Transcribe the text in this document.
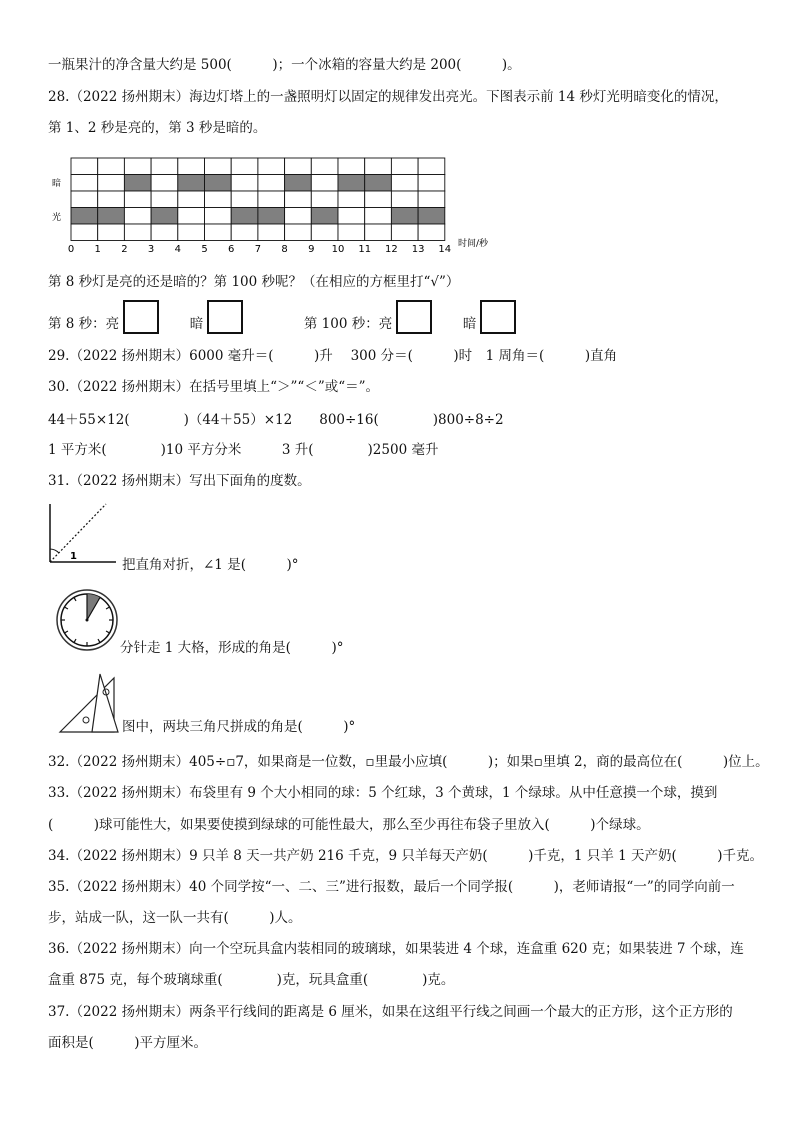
一瓶果汁的净含量大约是 500(　　　)；一个冰箱的容量大约是 200(　　　)。
28.（2022 扬州期末）海边灯塔上的一盏照明灯以固定的规律发出亮光。下图表示前 14 秒灯光明暗变化的情况，
第 1、2 秒是亮的，第 3 秒是暗的。
暗
光
0 1 2 3 4 5 6 7 8 9 10 11 12 13 14 时间/秒
第 8 秒灯是亮的还是暗的？第 100 秒呢？（在相应的方框里打“√”）
第 8 秒：亮	暗	第 100 秒：亮	暗
29.（2022 扬州期末）6000 毫升＝(　　　)升　 300 分＝(　　　)时　1 周角＝(　　　)直角
30.（2022 扬州期末）在括号里填上“＞”“＜”或“＝”。
44＋55×12(　　　　)（44＋55）×12　　800÷16(　　　　)800÷8÷2
1 平方米(　　　　)10 平方分米　　　3 升(　　　　)2500 毫升
31.（2022 扬州期末）写出下面角的度数。
1
把直角对折，∠1 是(　　　)°
分针走 1 大格，形成的角是(　　　)°
图中，两块三角尺拼成的角是(　　　)°
32.（2022 扬州期末）405÷▫7，如果商是一位数，▫里最小应填(　　　)；如果▫里填 2，商的最高位在(　　　)位上。
33.（2022 扬州期末）布袋里有 9 个大小相同的球：5 个红球，3 个黄球，1 个绿球。从中任意摸一个球，摸到
(　　　)球可能性大，如果要使摸到绿球的可能性最大，那么至少再往布袋子里放入(　　　)个绿球。
34.（2022 扬州期末）9 只羊 8 天一共产奶 216 千克，9 只羊每天产奶(　　　)千克，1 只羊 1 天产奶(　　　)千克。
35.（2022 扬州期末）40 个同学按“一、二、三”进行报数，最后一个同学报(　　　)，老师请报“一”的同学向前一
步，站成一队，这一队一共有(　　　)人。
36.（2022 扬州期末）向一个空玩具盒内装相同的玻璃球，如果装进 4 个球，连盒重 620 克；如果装进 7 个球，连
盒重 875 克，每个玻璃球重(　　　　)克，玩具盒重(　　　　)克。
37.（2022 扬州期末）两条平行线间的距离是 6 厘米，如果在这组平行线之间画一个最大的正方形，这个正方形的
面积是(　　　)平方厘米。
